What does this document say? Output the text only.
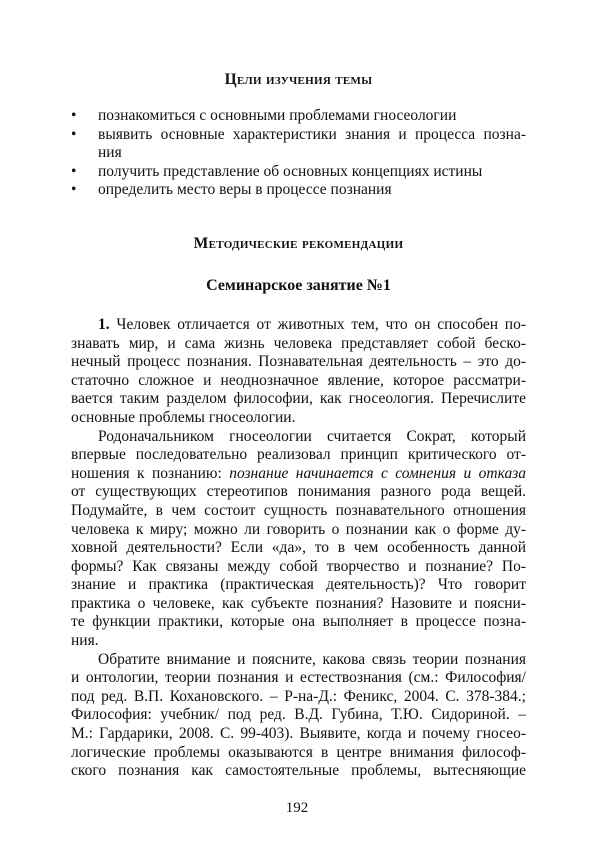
Цели изучения темы
• познакомиться с основными проблемами гносеологии
• выявить основные характеристики знания и процесса позна-
ния
• получить представление об основных концепциях истины
• определить место веры в процессе познания
Методические рекомендации
Семинарское занятие №1
1. Человек отличается от животных тем, что он способен по-
знавать мир, и сама жизнь человека представляет собой беско-
нечный процесс познания. Познавательная деятельность – это до-
статочно сложное и неоднозначное явление, которое рассматри-
вается таким разделом философии, как гносеология. Перечислите
основные проблемы гносеологии.
Родоначальником гносеологии считается Сократ, который
впервые последовательно реализовал принцип критического от-
ношения к познанию: познание начинается с сомнения и отказа
от существующих стереотипов понимания разного рода вещей.
Подумайте, в чем состоит сущность познавательного отношения
человека к миру; можно ли говорить о познании как о форме ду-
ховной деятельности? Если «да», то в чем особенность данной
формы? Как связаны между собой творчество и познание? По-
знание и практика (практическая деятельность)? Что говорит
практика о человеке, как субъекте познания? Назовите и поясни-
те функции практики, которые она выполняет в процессе позна-
ния.
Обратите внимание и поясните, какова связь теории познания
и онтологии, теории познания и естествознания (см.: Философия/
под ред. В.П. Кохановского. – Р-на-Д.: Феникс, 2004. С. 378-384.;
Философия: учебник/ под ред. В.Д. Губина, Т.Ю. Сидориной. –
М.: Гардарики, 2008. С. 99-403). Выявите, когда и почему гносео-
логические проблемы оказываются в центре внимания философ-
ского познания как самостоятельные проблемы, вытесняющие
192
